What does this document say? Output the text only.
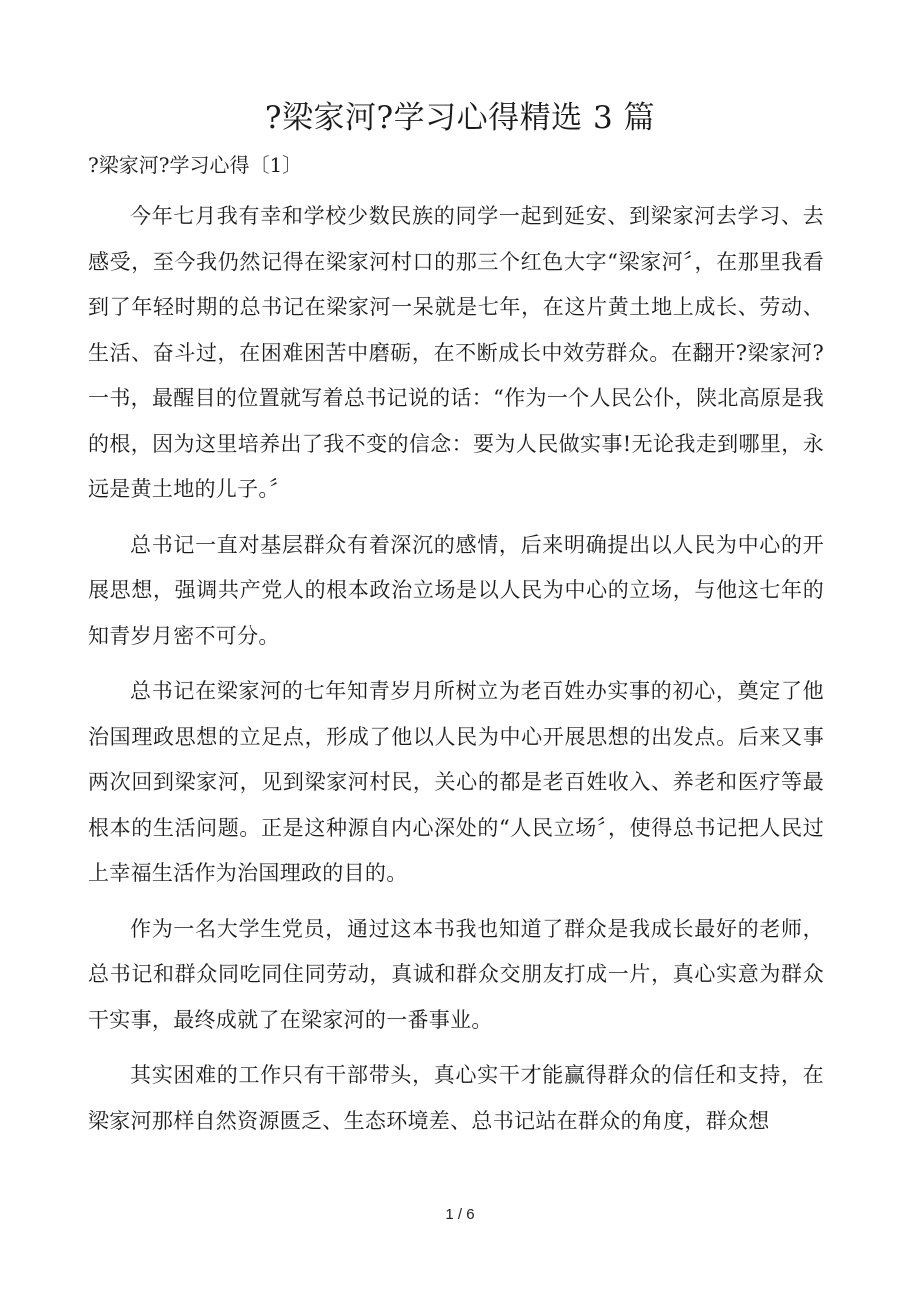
?梁家河?学习心得精选 3 篇
?梁家河?学习心得〔1〕

今年七月我有幸和学校少数民族的同学一起到延安、到梁家河去学习、去感受，至今我仍然记得在梁家河村口的那三个红色大字“梁家河〞，在那里我看到了年轻时期的总书记在梁家河一呆就是七年，在这片黄土地上成长、劳动、生活、奋斗过，在困难困苦中磨砺，在不断成长中效劳群众。在翻开?梁家河?一书，最醒目的位置就写着总书记说的话：“作为一个人民公仆，陕北高原是我的根，因为这里培养出了我不变的信念：要为人民做实事!无论我走到哪里，永远是黄土地的儿子。〞

总书记一直对基层群众有着深沉的感情，后来明确提出以人民为中心的开展思想，强调共产党人的根本政治立场是以人民为中心的立场，与他这七年的知青岁月密不可分。

总书记在梁家河的七年知青岁月所树立为老百姓办实事的初心，奠定了他治国理政思想的立足点，形成了他以人民为中心开展思想的出发点。后来又事两次回到梁家河，见到梁家河村民，关心的都是老百姓收入、养老和医疗等最根本的生活问题。正是这种源自内心深处的“人民立场〞，使得总书记把人民过上幸福生活作为治国理政的目的。

作为一名大学生党员，通过这本书我也知道了群众是我成长最好的老师，总书记和群众同吃同住同劳动，真诚和群众交朋友打成一片，真心实意为群众干实事，最终成就了在梁家河的一番事业。

其实困难的工作只有干部带头，真心实干才能赢得群众的信任和支持，在梁家河那样自然资源匮乏、生态环境差、总书记站在群众的角度，群众想

1 / 6
